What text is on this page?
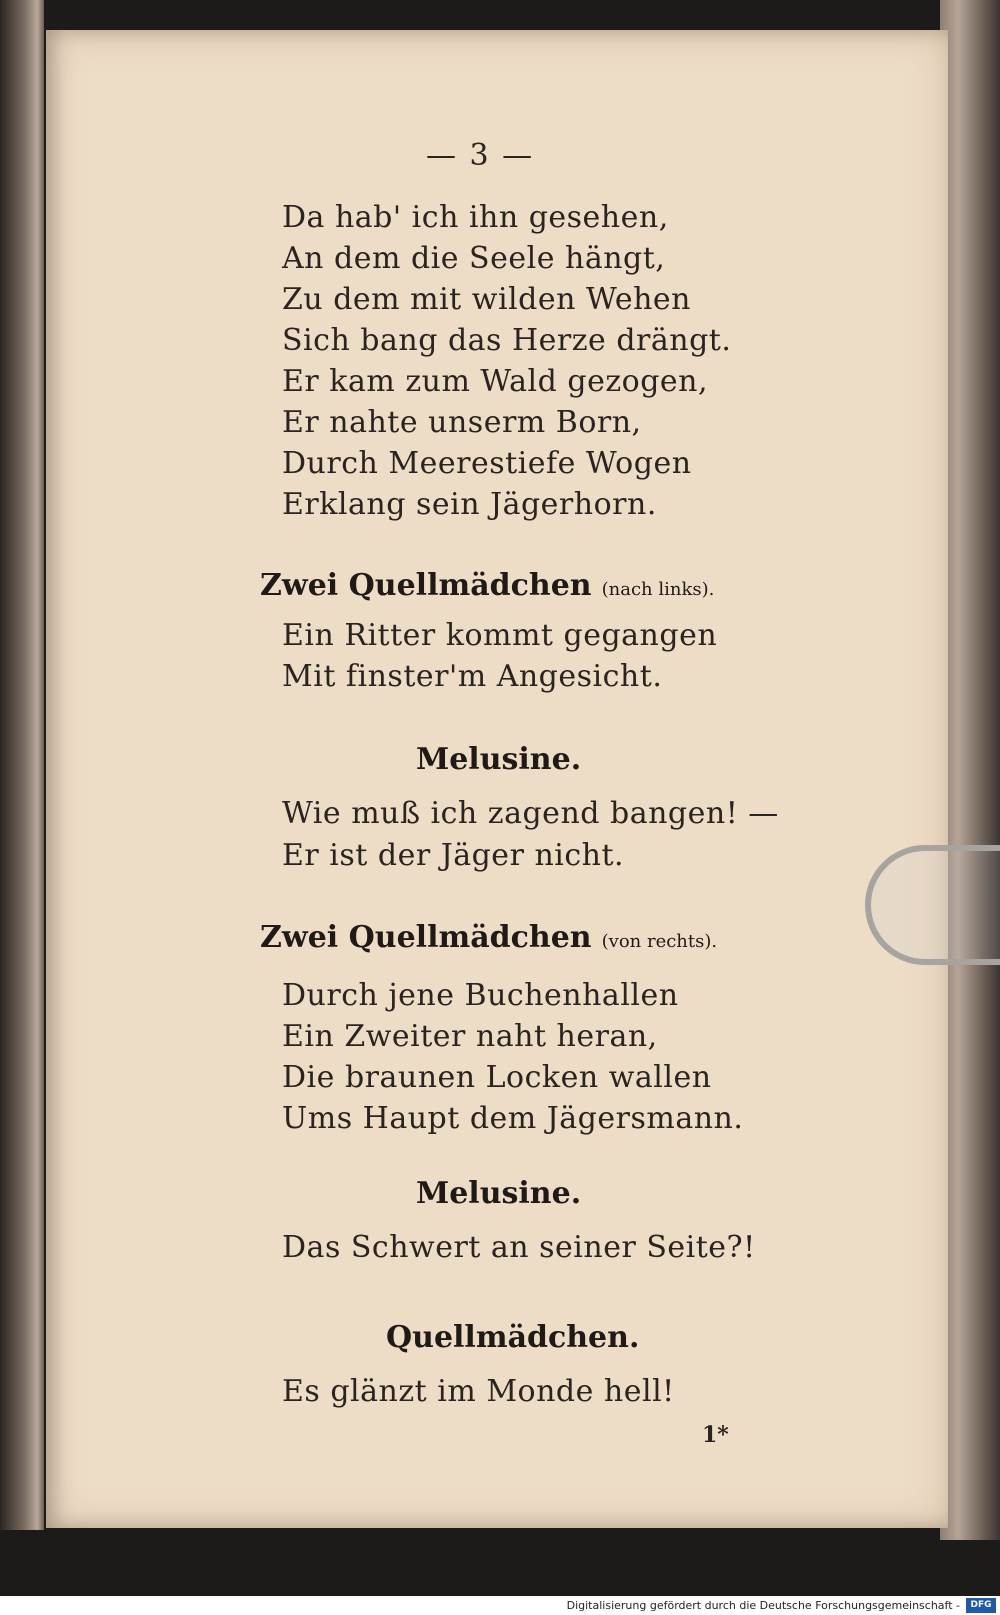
— 3 —
Da hab' ich ihn gesehen,
An dem die Seele hängt,
Zu dem mit wilden Wehen
Sich bang das Herze drängt.
Er kam zum Wald gezogen,
Er nahte unserm Born,
Durch Meerestiefe Wogen
Erklang sein Jägerhorn.
Zwei Quellmädchen (nach links).
Ein Ritter kommt gegangen
Mit finster'm Angesicht.
Melusine.
Wie muß ich zagend bangen! —
Er ist der Jäger nicht.
Zwei Quellmädchen (von rechts).
Durch jene Buchenhallen
Ein Zweiter naht heran,
Die braunen Locken wallen
Ums Haupt dem Jägersmann.
Melusine.
Das Schwert an seiner Seite?!
Quellmädchen.
Es glänzt im Monde hell!
1*
Digitalisierung gefördert durch die Deutsche Forschungsgemeinschaft -	DFG
